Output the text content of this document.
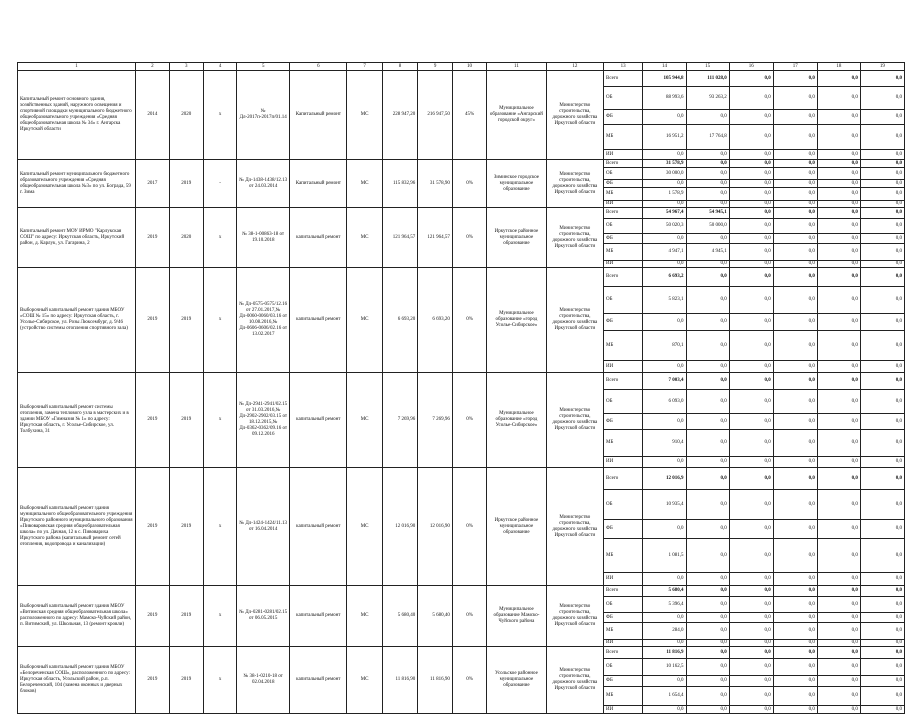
1	2	3	4	5	6	7	8	9	10	11	12	13	14	15	16	17	18	19
Капитальный ремонт основного здания, хозяйственных зданий, наружного освещения и спортивной площадки муниципального бюджетного общеобразовательного учреждения «Средняя общеобразовательная школа № 34» г. Ангарска Иркутской области	2014	2020	х	№ Дл-2017п-2017п/01.14	Капитальный ремонт	МС	228 947,20	216 947,50	45%	Муниципальное образование «Ангарский городской округ»	Министерство строительства, дорожного хозяйства Иркутской области	Всего	105 944,8	111 028,0	0,0	0,0	0,0	0,0
												ОБ	88 993,6	93 263,2	0,0	0,0	0,0	0,0
												ФБ	0,0	0,0	0,0	0,0	0,0	0,0
												МБ	16 951,2	17 764,8	0,0	0,0	0,0	0,0
												ИИ	0,0	0,0	0,0	0,0	0,0	0,0
Капитальный ремонт муниципального бюджетного образовательного учреждения «Средняя общеобразовательная школа №3» по ул. Бограда, 59 г. Зима	2017	2019	-	№ Дл-1438-1438/12.13 от 24.03.2014	Капитальный ремонт	МС	115 832,96	31 578,90	0%	Зиминское городское муниципальное образование	Министерство строительства, дорожного хозяйства Иркутской области	Всего	31 578,9	0,0	0,0	0,0	0,0	0,0
												ОБ	30 000,0	0,0	0,0	0,0	0,0	0,0
												ФБ	0,0	0,0	0,0	0,0	0,0	0,0
												МБ	1 578,9	0,0	0,0	0,0	0,0	0,0
												ИИ	0,0	0,0	0,0	0,0	0,0	0,0
Капитальный ремонт МОУ ИРМО "Карлукская СОШ" по адресу: Иркутская область, Иркутский район, д. Карлук, ул. Гагарина, 2	2019	2020	х	№ 38-1-00863-18 от 19.10.2018	капитальный ремонт	МС	121 964,57	121 964,57	0%	Иркутское районное муниципальное образование	Министерство строительства, дорожного хозяйства Иркутской области	Всего	54 967,4	54 945,1	0,0	0,0	0,0	0,0
												ОБ	50 020,3	50 000,0	0,0	0,0	0,0	0,0
												ФБ	0,0	0,0	0,0	0,0	0,0	0,0
												МБ	4 947,1	4 945,1	0,0	0,0	0,0	0,0
												ИИ	0,0	0,0	0,0	0,0	0,0	0,0
Выборочный капитальный ремонт здания МБОУ «СОШ № 15» по адресу: Иркутская область, г. Усолье-Сибирское, ул. Розы Люксембург, д. 9/46 (устройство системы отопления спортивного зала)	2019	2019	х	№ Дл-0575-0575/12.16 от 27.01.2017,№ Дл-0060-0060/03.16 от 10.08.2016,№ Дл-0606-0606/02.16 от 13.02.2017	капитальный ремонт	МС	6 693,20	6 693,20	0%	Муниципальное образование «город Усолье-Сибирское»	Министерство строительства, дорожного хозяйства Иркутской области	Всего	6 693,2	0,0	0,0	0,0	0,0	0,0
												ОБ	5 823,1	0,0	0,0	0,0	0,0	0,0
												ФБ	0,0	0,0	0,0	0,0	0,0	0,0
												МБ	870,1	0,0	0,0	0,0	0,0	0,0
												ИИ	0,0	0,0	0,0	0,0	0,0	0,0
Выборочный капитальный ремонт системы отопления, замена теплового узла в мастерских и в здании МБОУ «Гимназия № 1» по адресу: Иркутская область, г. Усолье-Сибирское, ул. Толбухина, 31	2019	2019	х	№ Дл-2941-2941/02.15 от 31.03.2016,№ Дл-2902-2902/03.15 от 18.12.2015,№ Дл-0362-0362/09.16 от 09.12.2016	капитальный ремонт	МС	7 269,96	7 269,96	0%	Муниципальное образование «город Усолье-Сибирское»	Министерство строительства, дорожного хозяйства Иркутской области	Всего	7 003,4	0,0	0,0	0,0	0,0	0,0
												ОБ	6 093,0	0,0	0,0	0,0	0,0	0,0
												ФБ	0,0	0,0	0,0	0,0	0,0	0,0
												МБ	910,4	0,0	0,0	0,0	0,0	0,0
												ИИ	0,0	0,0	0,0	0,0	0,0	0,0
Выборочный капитальный ремонт здания муниципального общеобразовательного учреждения Иркутского районного муниципального образования «Пивоваровская средняя общеобразовательная школа» по ул. Дачная, 12 в с. Пивовариха Иркутского района (капитальный ремонт сетей отопления, водопровода и канализации)	2019	2019	х	№ Дл-1424-1424/11.13 от 16.04.2014	капитальный ремонт	МС	12 016,90	12 016,90	0%	Иркутское районное муниципальное образование	Министерство строительства, дорожного хозяйства Иркутской области	Всего	12 016,9	0,0	0,0	0,0	0,0	0,0
												ОБ	10 935,4	0,0	0,0	0,0	0,0	0,0
												ФБ	0,0	0,0	0,0	0,0	0,0	0,0
												МБ	1 081,5	0,0	0,0	0,0	0,0	0,0
												ИИ	0,0	0,0	0,0	0,0	0,0	0,0
Выборочный капитальный ремонт здания МБОУ «Витимская средняя общеобразовательная школа» расположенного по адресу: Мамско-Чуйский район, п. Витимский, ул. Школьная, 13 (ремонт кровли)	2019	2019	х	№ Дл-0281-0281/02.15 от 06.05.2015	капитальный ремонт	МС	5 680,40	5 680,40	0%	Муниципальное образование Мамско-Чуйского района	Министерство строительства, дорожного хозяйства Иркутской области	Всего	5 680,4	0,0	0,0	0,0	0,0	0,0
												ОБ	5 396,4	0,0	0,0	0,0	0,0	0,0
												ФБ	0,0	0,0	0,0	0,0	0,0	0,0
												МБ	284,0	0,0	0,0	0,0	0,0	0,0
												ИИ	0,0	0,0	0,0	0,0	0,0	0,0
Выборочный капитальный ремонт здания МБОУ «Белореченская СОШ», расположенного по адресу: Иркутская область, Усольский район, р.п. Белореченский, 104 (замена оконных и дверных блоков)	2019	2019	х	№ 38-1-0210-18 от 02.04.2018	капитальный ремонт	МС	11 816,90	11 816,90	0%	Усольское районное муниципальное образование	Министерство строительства, дорожного хозяйства Иркутской области	Всего	11 816,9	0,0	0,0	0,0	0,0	0,0
												ОБ	10 162,5	0,0	0,0	0,0	0,0	0,0
												ФБ	0,0	0,0	0,0	0,0	0,0	0,0
												МБ	1 654,4	0,0	0,0	0,0	0,0	0,0
												ИИ	0,0	0,0	0,0	0,0	0,0	0,0
